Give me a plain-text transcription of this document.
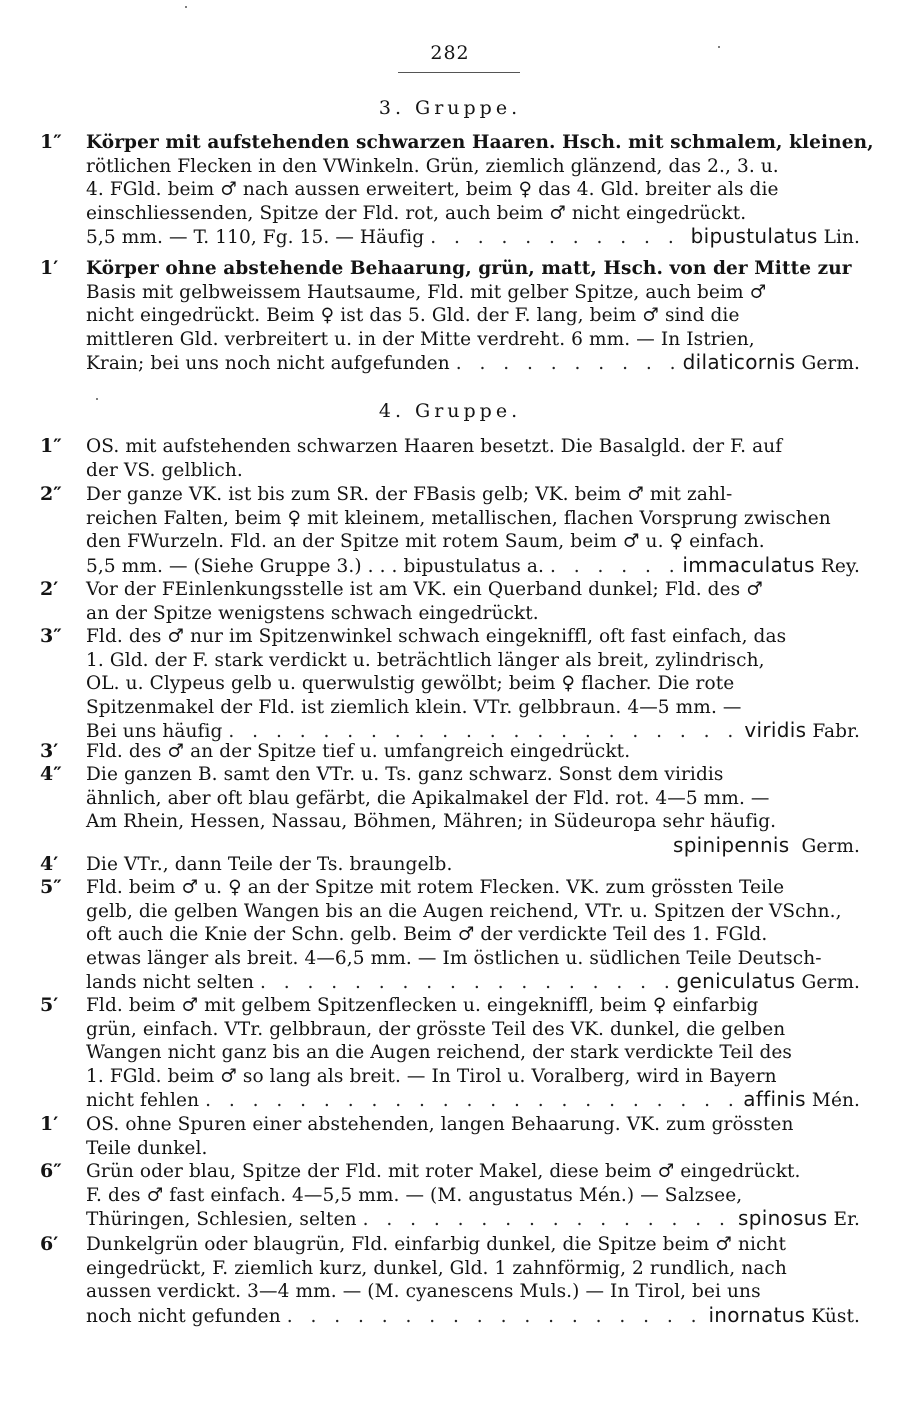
282
3. Gruppe.
1″	Körper mit aufstehenden schwarzen Haaren. Hsch. mit schmalem, kleinen,
rötlichen Flecken in den VWinkeln. Grün, ziemlich glänzend, das 2., 3. u.
4. FGld. beim ♂ nach aussen erweitert, beim ♀ das 4. Gld. breiter als die
einschliessenden, Spitze der Fld. rot, auch beim ♂ nicht eingedrückt.
5,5 mm. — T. 110, Fg. 15. — Häufig . . .	bipustulatus Lin.
1′	Körper ohne abstehende Behaarung, grün, matt, Hsch. von der Mitte zur
Basis mit gelbweissem Hautsaume, Fld. mit gelber Spitze, auch beim ♂
nicht eingedrückt. Beim ♀ ist das 5. Gld. der F. lang, beim ♂ sind die
mittleren Gld. verbreitert u. in der Mitte verdreht. 6 mm. — In Istrien,
Krain; bei uns noch nicht aufgefunden . . .	dilaticornis Germ.
4. Gruppe.
1″	OS. mit aufstehenden schwarzen Haaren besetzt. Die Basalgld. der F. auf
der VS. gelblich.
2″	Der ganze VK. ist bis zum SR. der FBasis gelb; VK. beim ♂ mit zahl-
reichen Falten, beim ♀ mit kleinem, metallischen, flachen Vorsprung zwischen
den FWurzeln. Fld. an der Spitze mit rotem Saum, beim ♂ u. ♀ einfach.
5,5 mm. — (Siehe Gruppe 3.) . . . bipustulatus a. . . .	immaculatus Rey.
2′	Vor der FEinlenkungsstelle ist am VK. ein Querband dunkel; Fld. des ♂
an der Spitze wenigstens schwach eingedrückt.
3″	Fld. des ♂ nur im Spitzenwinkel schwach eingekniffl, oft fast einfach, das
1. Gld. der F. stark verdickt u. beträchtlich länger als breit, zylindrisch,
OL. u. Clypeus gelb u. querwulstig gewölbt; beim ♀ flacher. Die rote
Spitzenmakel der Fld. ist ziemlich klein. VTr. gelbbraun. 4—5 mm. —
Bei uns häufig . . .	viridis Fabr.
3′	Fld. des ♂ an der Spitze tief u. umfangreich eingedrückt.
4″	Die ganzen B. samt den VTr. u. Ts. ganz schwarz. Sonst dem viridis
ähnlich, aber oft blau gefärbt, die Apikalmakel der Fld. rot. 4—5 mm. —
Am Rhein, Hessen, Nassau, Böhmen, Mähren; in Südeuropa sehr häufig.
spinipennis Germ.
4′	Die VTr., dann Teile der Ts. braungelb.
5″	Fld. beim ♂ u. ♀ an der Spitze mit rotem Flecken. VK. zum grössten Teile
gelb, die gelben Wangen bis an die Augen reichend, VTr. u. Spitzen der VSchn.,
oft auch die Knie der Schn. gelb. Beim ♂ der verdickte Teil des 1. FGld.
etwas länger als breit. 4—6,5 mm. — Im östlichen u. südlichen Teile Deutsch-
lands nicht selten . . .	geniculatus Germ.
5′	Fld. beim ♂ mit gelbem Spitzenflecken u. eingekniffl, beim ♀ einfarbig
grün, einfach. VTr. gelbbraun, der grösste Teil des VK. dunkel, die gelben
Wangen nicht ganz bis an die Augen reichend, der stark verdickte Teil des
1. FGld. beim ♂ so lang als breit. — In Tirol u. Voralberg, wird in Bayern
nicht fehlen . . .	affinis Mén.
1′	OS. ohne Spuren einer abstehenden, langen Behaarung. VK. zum grössten
Teile dunkel.
6″	Grün oder blau, Spitze der Fld. mit roter Makel, diese beim ♂ eingedrückt.
F. des ♂ fast einfach. 4—5,5 mm. — (M. angustatus Mén.) — Salzsee,
Thüringen, Schlesien, selten . . .	spinosus Er.
6′	Dunkelgrün oder blaugrün, Fld. einfarbig dunkel, die Spitze beim ♂ nicht
eingedrückt, F. ziemlich kurz, dunkel, Gld. 1 zahnförmig, 2 rundlich, nach
aussen verdickt. 3—4 mm. — (M. cyanescens Muls.) — In Tirol, bei uns
noch nicht gefunden . . .	inornatus Küst.
